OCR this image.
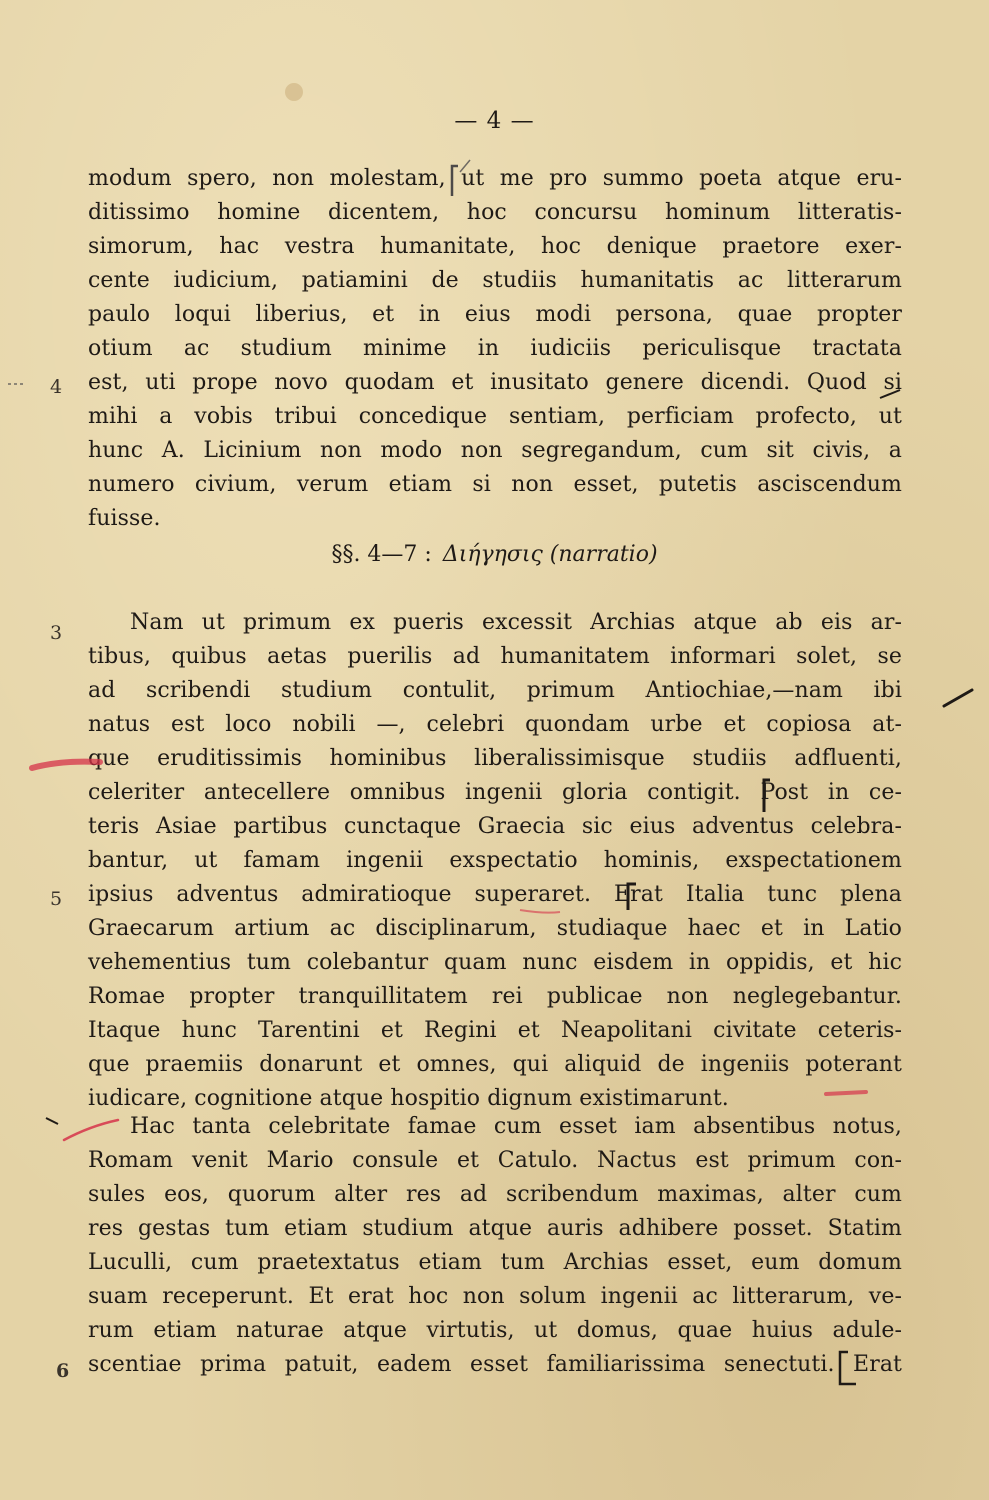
— 4 —
4
3
5
6
modum spero, non molestam, ut me pro summo poeta atque eru-
ditissimo homine dicentem, hoc concursu hominum litteratis-
simorum, hac vestra humanitate, hoc denique praetore exer-
cente iudicium, patiamini de studiis humanitatis ac litterarum
paulo loqui liberius, et in eius modi persona, quae propter
otium ac studium minime in iudiciis periculisque tractata
est, uti prope novo quodam et inusitato genere dicendi. Quod si
mihi a vobis tribui concedique sentiam, perficiam profecto, ut
hunc A. Licinium non modo non segregandum, cum sit civis, a
numero civium, verum etiam si non esset, putetis asciscendum
fuisse.
§§. 4—7 : Διήγησις (narratio)
Nam ut primum ex pueris excessit Archias atque ab eis ar-
tibus, quibus aetas puerilis ad humanitatem informari solet, se
ad scribendi studium contulit, primum Antiochiae,—nam ibi
natus est loco nobili —, celebri quondam urbe et copiosa at-
que eruditissimis hominibus liberalissimisque studiis adfluenti,
celeriter antecellere omnibus ingenii gloria contigit. Post in ce-
teris Asiae partibus cunctaque Graecia sic eius adventus celebra-
bantur, ut famam ingenii exspectatio hominis, exspectationem
ipsius adventus admiratioque superaret. Erat Italia tunc plena
Graecarum artium ac disciplinarum, studiaque haec et in Latio
vehementius tum colebantur quam nunc eisdem in oppidis, et hic
Romae propter tranquillitatem rei publicae non neglegebantur.
Itaque hunc Tarentini et Regini et Neapolitani civitate ceteris-
que praemiis donarunt et omnes, qui aliquid de ingeniis poterant
iudicare, cognitione atque hospitio dignum existimarunt.
Hac tanta celebritate famae cum esset iam absentibus notus,
Romam venit Mario consule et Catulo. Nactus est primum con-
sules eos, quorum alter res ad scribendum maximas, alter cum
res gestas tum etiam studium atque auris adhibere posset. Statim
Luculli, cum praetextatus etiam tum Archias esset, eum domum
suam receperunt. Et erat hoc non solum ingenii ac litterarum, ve-
rum etiam naturae atque virtutis, ut domus, quae huius adule-
scentiae prima patuit, eadem esset familiarissima senectuti. Erat
